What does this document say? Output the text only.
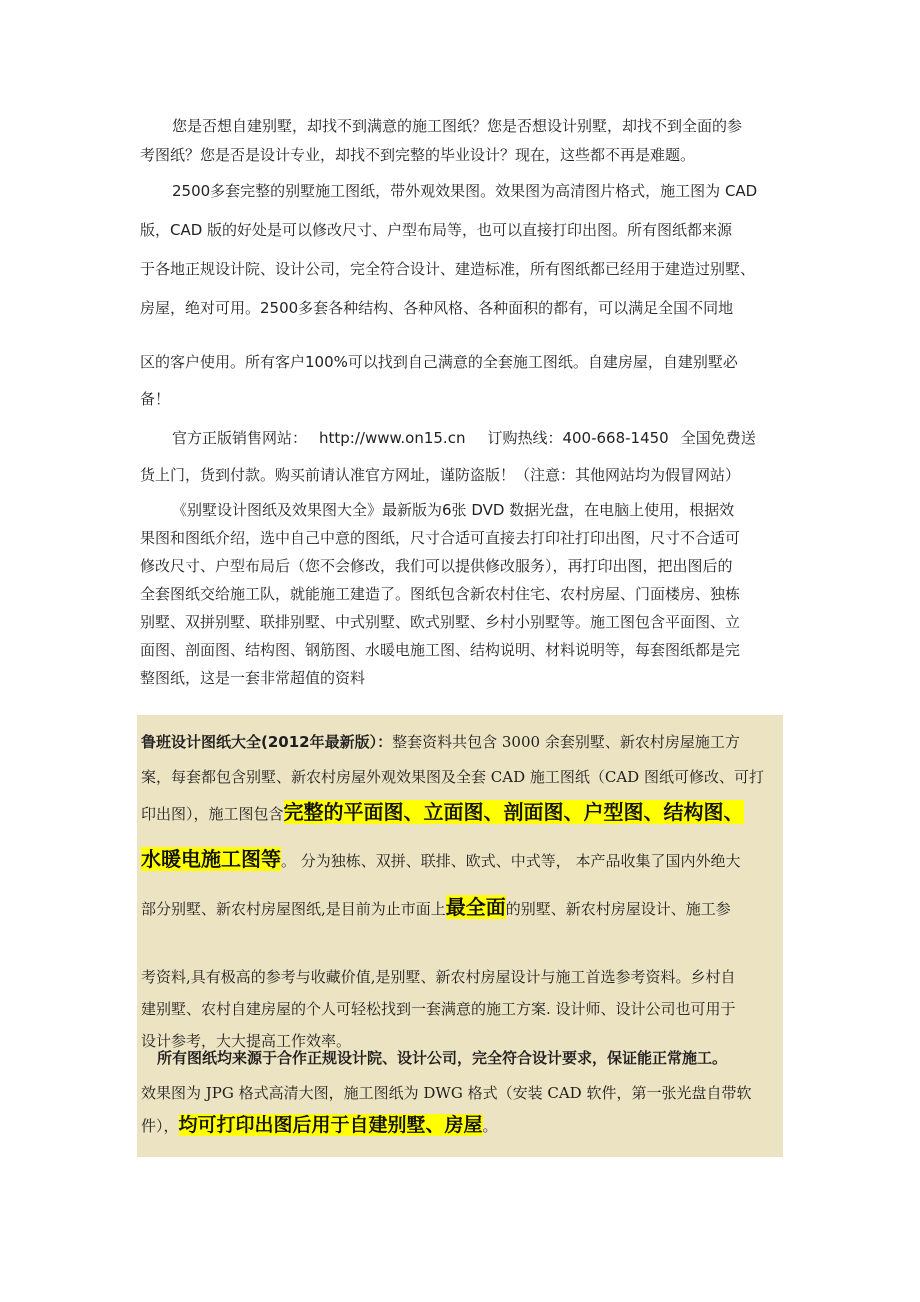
您是否想自建别墅，却找不到满意的施工图纸？您是否想设计别墅，却找不到全面的参
考图纸？您是否是设计专业，却找不到完整的毕业设计？现在，这些都不再是难题。

2500多套完整的别墅施工图纸，带外观效果图。效果图为高清图片格式，施工图为 CAD
版，CAD 版的好处是可以修改尺寸、户型布局等，也可以直接打印出图。所有图纸都来源
于各地正规设计院、设计公司，完全符合设计、建造标准，所有图纸都已经用于建造过别墅、
房屋，绝对可用。2500多套各种结构、各种风格、各种面积的都有，可以满足全国不同地

区的客户使用。所有客户100%可以找到自己满意的全套施工图纸。自建房屋，自建别墅必
备！

官方正版销售网站： http://www.on15.cn 订购热线：400-668-1450 全国免费送
货上门，货到付款。购买前请认准官方网址，谨防盗版！（注意：其他网站均为假冒网站）

《别墅设计图纸及效果图大全》最新版为6张 DVD 数据光盘，在电脑上使用，根据效
果图和图纸介绍，选中自己中意的图纸，尺寸合适可直接去打印社打印出图，尺寸不合适可
修改尺寸、户型布局后（您不会修改，我们可以提供修改服务），再打印出图，把出图后的
全套图纸交给施工队，就能施工建造了。图纸包含新农村住宅、农村房屋、门面楼房、独栋
别墅、双拼别墅、联排别墅、中式别墅、欧式别墅、乡村小别墅等。施工图包含平面图、立
面图、剖面图、结构图、钢筋图、水暖电施工图、结构说明、材料说明等，每套图纸都是完
整图纸，这是一套非常超值的资料

鲁班设计图纸大全(2012年最新版）：整套资料共包含 3000 余套别墅、新农村房屋施工方
案，每套都包含别墅、新农村房屋外观效果图及全套 CAD 施工图纸（CAD 图纸可修改、可打
印出图），施工图包含完整的平面图、立面图、剖面图、户型图、结构图、

水暖电施工图等。 分为独栋、双拼、联排、欧式、中式等， 本产品收集了国内外绝大
部分别墅、新农村房屋图纸,是目前为止市面上最全面的别墅、新农村房屋设计、施工参

考资料,具有极高的参考与收藏价值,是别墅、新农村房屋设计与施工首选参考资料。乡村自
建别墅、农村自建房屋的个人可轻松找到一套满意的施工方案. 设计师、设计公司也可用于
设计参考，大大提高工作效率。

所有图纸均来源于合作正规设计院、设计公司，完全符合设计要求，保证能正常施工。

效果图为 JPG 格式高清大图，施工图纸为 DWG 格式（安装 CAD 软件，第一张光盘自带软
件），均可打印出图后用于自建别墅、房屋。
